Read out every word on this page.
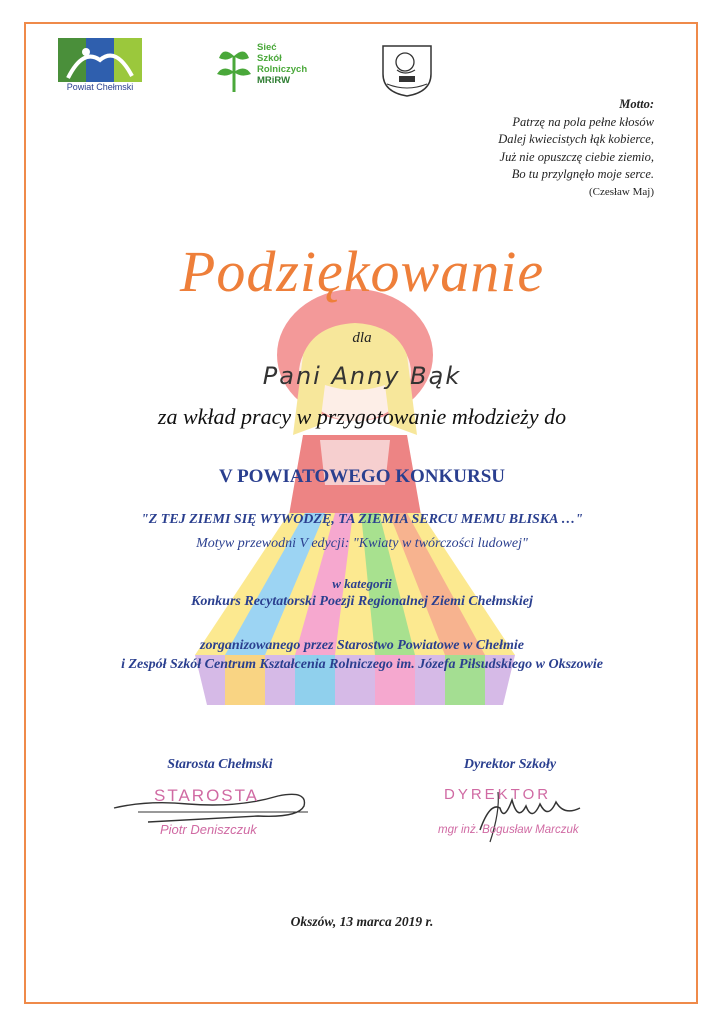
Powiat Chełmski
Sieć
Szkół
Rolniczych
MRiRW
Motto:
Patrzę na pola pełne kłosów
Dalej kwiecistych łąk kobierce,
Już nie opuszczę ciebie ziemio,
Bo tu przylgnęło moje serce.
(Czesław Maj)
Podziękowanie
dla
Pani Anny Bąk
za wkład pracy w przygotowanie młodzieży do
V POWIATOWEGO KONKURSU
"Z TEJ ZIEMI SIĘ WYWODZĘ, TA ZIEMIA SERCU MEMU BLISKA …"
Motyw przewodni V edycji: "Kwiaty w twórczości ludowej"
w kategorii
Konkurs Recytatorski Poezji Regionalnej Ziemi Chełmskiej
zorganizowanego przez Starostwo Powiatowe w Chełmie
i Zespół Szkół Centrum Kształcenia Rolniczego im. Józefa Piłsudskiego w Okszowie
Starosta Chełmski	Dyrektor Szkoły
STAROSTA
Piotr Deniszczuk
DYREKTOR
mgr inż. Bogusław Marczuk
Okszów, 13 marca 2019 r.
